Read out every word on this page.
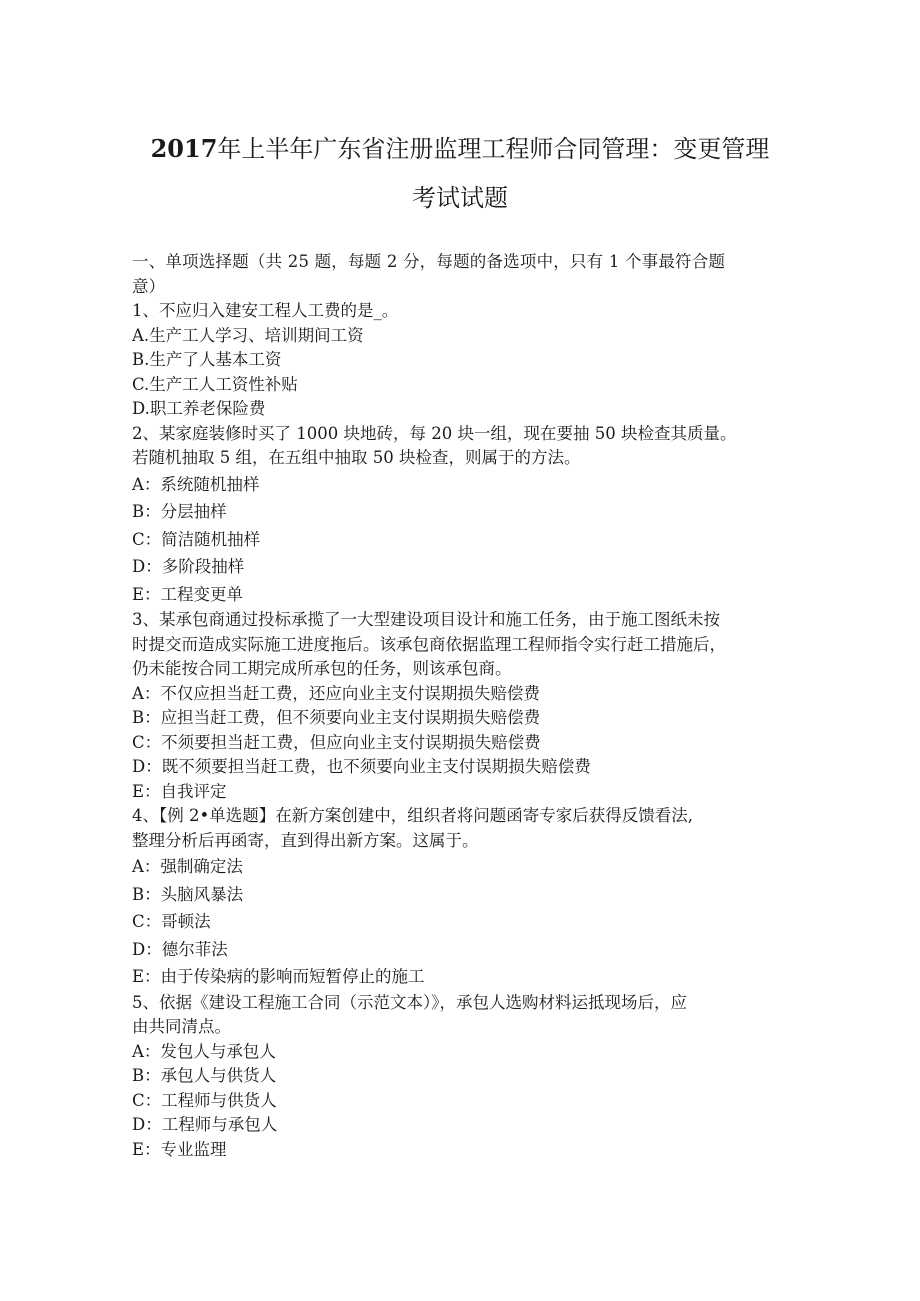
2017年上半年广东省注册监理工程师合同管理：变更管理
考试试题
一、单项选择题（共 25 题，每题 2 分，每题的备选项中，只有 1 个事最符合题
意）
1、不应归入建安工程人工费的是_。
A.生产工人学习、培训期间工资
B.生产了人基本工资
C.生产工人工资性补贴
D.职工养老保险费
2、某家庭装修时买了 1000 块地砖，每 20 块一组，现在要抽 50 块检查其质量。
若随机抽取 5 组，在五组中抽取 50 块检查，则属于的方法。
A：系统随机抽样
B：分层抽样
C：简洁随机抽样
D：多阶段抽样
E：工程变更单
3、某承包商通过投标承揽了一大型建设项目设计和施工任务，由于施工图纸未按
时提交而造成实际施工进度拖后。该承包商依据监理工程师指令实行赶工措施后，
仍未能按合同工期完成所承包的任务，则该承包商。
A：不仅应担当赶工费，还应向业主支付误期损失赔偿费
B：应担当赶工费，但不须要向业主支付误期损失赔偿费
C：不须要担当赶工费，但应向业主支付误期损失赔偿费
D：既不须要担当赶工费，也不须要向业主支付误期损失赔偿费
E：自我评定
4、【例 2•单选题】在新方案创建中，组织者将问题函寄专家后获得反馈看法,
整理分析后再函寄，直到得出新方案。这属于。
A：强制确定法
B：头脑风暴法
C：哥顿法
D：德尔菲法
E：由于传染病的影响而短暂停止的施工
5、依据《建设工程施工合同（示范文本）》，承包人选购材料运抵现场后，应
由共同清点。
A：发包人与承包人
B：承包人与供货人
C：工程师与供货人
D：工程师与承包人
E：专业监理
